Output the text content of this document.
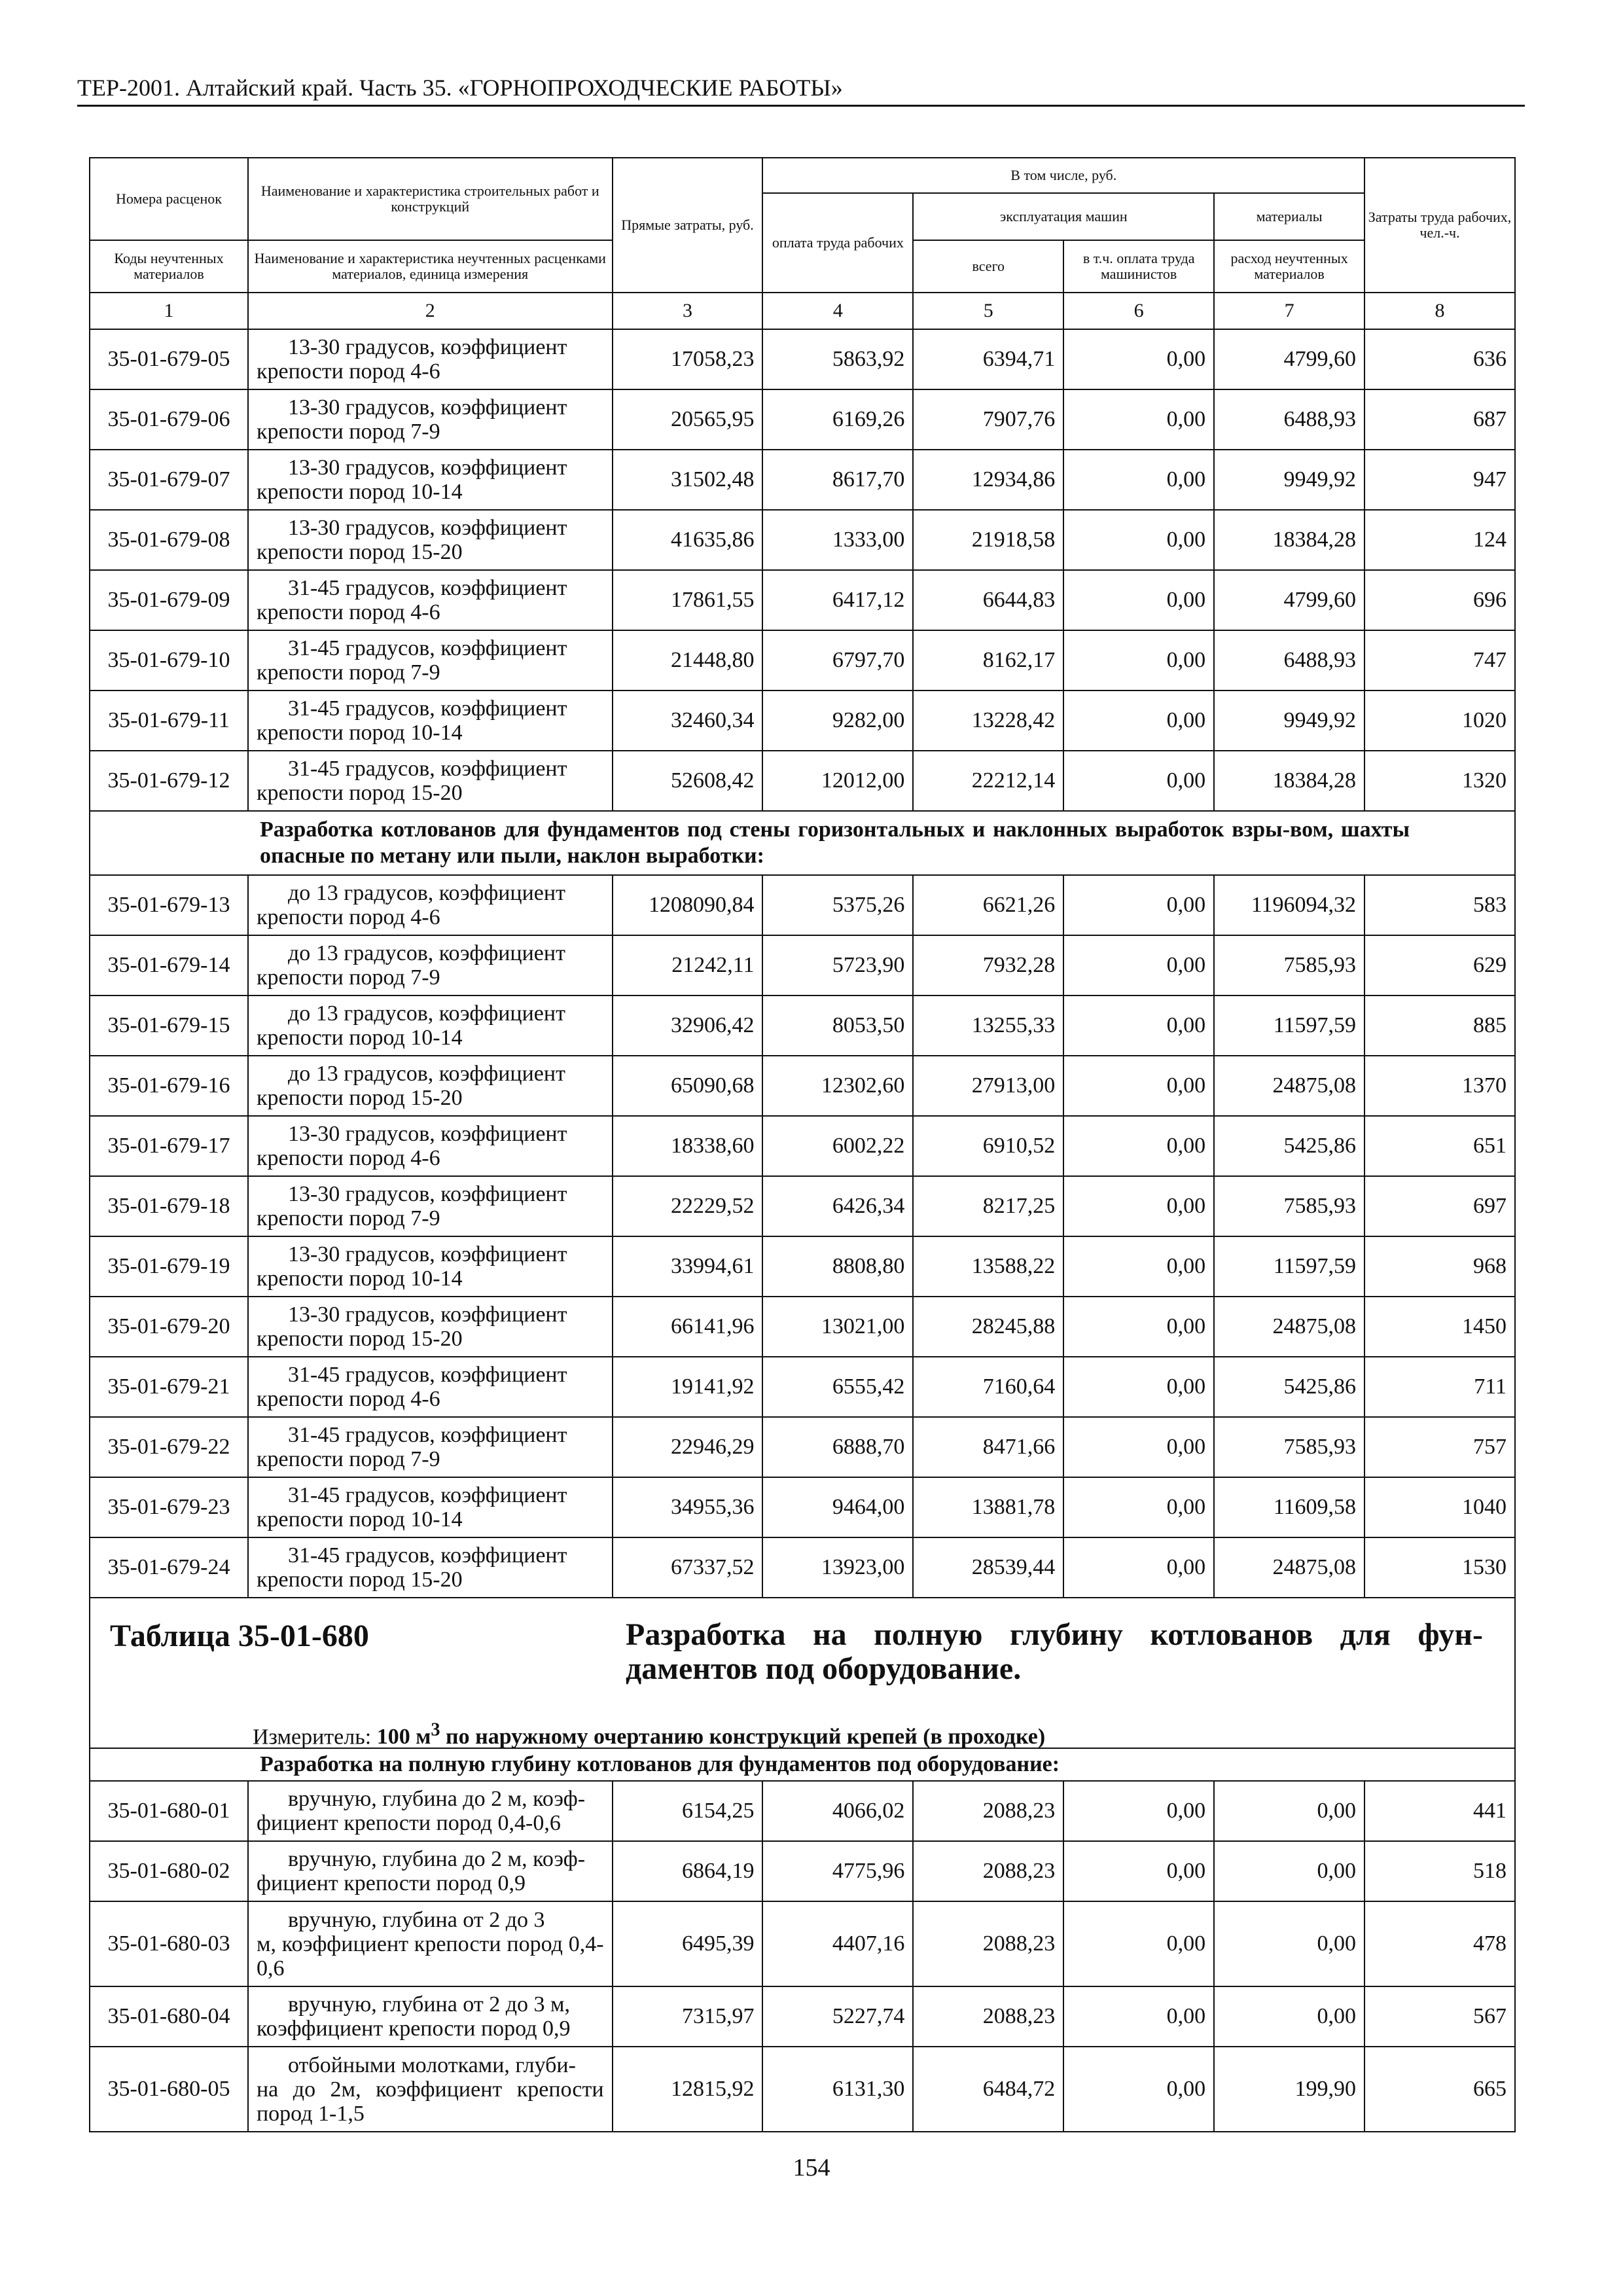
ТЕР-2001. Алтайский край. Часть 35. «ГОРНОПРОХОДЧЕСКИЕ РАБОТЫ»
Номера расценок	Наименование и характеристика строительных работ и конструкций	Прямые затраты, руб.	В том числе, руб.				Затраты труда рабочих, чел.-ч.
			оплата труда рабочих	эксплуатация машин		материалы	
Коды неучтенных материалов	Наименование и характеристика неучтенных расценками материалов, единица измерения			всего	в т.ч. оплата труда машинистов	расход неучтенных материалов	

1	2	3	4	5	6	7	8
35-01-679-05	13-30 градусов, коэффициент
крепости пород 4-6	17058,23	5863,92	6394,71	0,00	4799,60	636
35-01-679-06	13-30 градусов, коэффициент
крепости пород 7-9	20565,95	6169,26	7907,76	0,00	6488,93	687
35-01-679-07	13-30 градусов, коэффициент
крепости пород 10-14	31502,48	8617,70	12934,86	0,00	9949,92	947
35-01-679-08	13-30 градусов, коэффициент
крепости пород 15-20	41635,86	1333,00	21918,58	0,00	18384,28	124
35-01-679-09	31-45 градусов, коэффициент
крепости пород 4-6	17861,55	6417,12	6644,83	0,00	4799,60	696
35-01-679-10	31-45 градусов, коэффициент
крепости пород 7-9	21448,80	6797,70	8162,17	0,00	6488,93	747
35-01-679-11	31-45 градусов, коэффициент
крепости пород 10-14	32460,34	9282,00	13228,42	0,00	9949,92	1020
35-01-679-12	31-45 градусов, коэффициент
крепости пород 15-20	52608,42	12012,00	22212,14	0,00	18384,28	1320
	Разработка котлованов для фундаментов под стены горизонтальных и наклонных выработок взры-вом, шахты опасные по метану или пыли, наклон выработки:						
35-01-679-13	до 13 градусов, коэффициент
крепости пород 4-6	1208090,84	5375,26	6621,26	0,00	1196094,32	583
35-01-679-14	до 13 градусов, коэффициент
крепости пород 7-9	21242,11	5723,90	7932,28	0,00	7585,93	629
35-01-679-15	до 13 градусов, коэффициент
крепости пород 10-14	32906,42	8053,50	13255,33	0,00	11597,59	885
35-01-679-16	до 13 градусов, коэффициент
крепости пород 15-20	65090,68	12302,60	27913,00	0,00	24875,08	1370
35-01-679-17	13-30 градусов, коэффициент
крепости пород 4-6	18338,60	6002,22	6910,52	0,00	5425,86	651
35-01-679-18	13-30 градусов, коэффициент
крепости пород 7-9	22229,52	6426,34	8217,25	0,00	7585,93	697
35-01-679-19	13-30 градусов, коэффициент
крепости пород 10-14	33994,61	8808,80	13588,22	0,00	11597,59	968
35-01-679-20	13-30 градусов, коэффициент
крепости пород 15-20	66141,96	13021,00	28245,88	0,00	24875,08	1450
35-01-679-21	31-45 градусов, коэффициент
крепости пород 4-6	19141,92	6555,42	7160,64	0,00	5425,86	711
35-01-679-22	31-45 градусов, коэффициент
крепости пород 7-9	22946,29	6888,70	8471,66	0,00	7585,93	757
35-01-679-23	31-45 градусов, коэффициент
крепости пород 10-14	34955,36	9464,00	13881,78	0,00	11609,58	1040
35-01-679-24	31-45 градусов, коэффициент
крепости пород 15-20	67337,52	13923,00	28539,44	0,00	24875,08	1530

Таблица 35-01-680 Разработка на полную глубину котлованов для фун-даментов под оборудование.
Измеритель: 100 $м^3$ по наружному очертанию конструкций крепей (в проходке)							

	Разработка на полную глубину котлованов для фундаментов под оборудование:						
35-01-680-01	вручную, глубина до 2 м, коэф-
фициент крепости пород 0,4-0,6	6154,25	4066,02	2088,23	0,00	0,00	441
35-01-680-02	вручную, глубина до 2 м, коэф-
фициент крепости пород 0,9	6864,19	4775,96	2088,23	0,00	0,00	518
35-01-680-03	вручную, глубина от 2 до 3
м, коэффициент крепости пород 0,4-0,6	6495,39	4407,16	2088,23	0,00	0,00	478
35-01-680-04	вручную, глубина от 2 до 3 м,
коэффициент крепости пород 0,9	7315,97	5227,74	2088,23	0,00	0,00	567
35-01-680-05	отбойными молотками, глуби-
на до 2м, коэффициент крепости пород 1-1,5	12815,92	6131,30	6484,72	0,00	199,90	665
154
